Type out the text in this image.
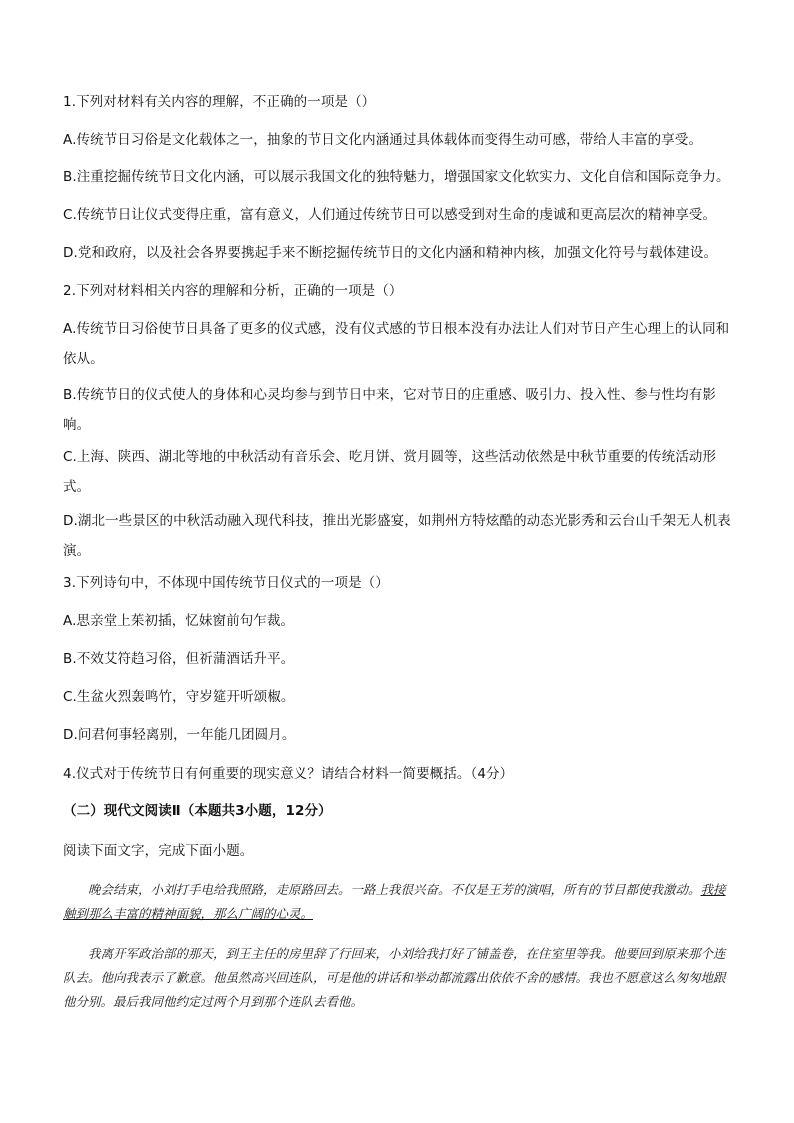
1.下列对材料有关内容的理解，不正确的一项是（）

A.传统节日习俗是文化载体之一，抽象的节日文化内涵通过具体载体而变得生动可感，带给人丰富的享受。

B.注重挖掘传统节日文化内涵，可以展示我国文化的独特魅力，增强国家文化软实力、文化自信和国际竞争力。

C.传统节日让仪式变得庄重，富有意义，人们通过传统节日可以感受到对生命的虔诚和更高层次的精神享受。

D.党和政府，以及社会各界要携起手来不断挖掘传统节日的文化内涵和精神内核，加强文化符号与载体建设。

2.下列对材料相关内容的理解和分析，正确的一项是（）

A.传统节日习俗使节日具备了更多的仪式感，没有仪式感的节日根本没有办法让人们对节日产生心理上的认同和依从。

B.传统节日的仪式使人的身体和心灵均参与到节日中来，它对节日的庄重感、吸引力、投入性、参与性均有影响。

C.上海、陕西、湖北等地的中秋活动有音乐会、吃月饼、赏月圆等，这些活动依然是中秋节重要的传统活动形式。

D.湖北一些景区的中秋活动融入现代科技，推出光影盛宴，如荆州方特炫酷的动态光影秀和云台山千架无人机表演。

3.下列诗句中，不体现中国传统节日仪式的一项是（）

A.思亲堂上茱初插，忆妹窗前句乍裁。

B.不效艾符趋习俗，但祈蒲酒话升平。

C.生盆火烈轰鸣竹，守岁筵开听颂椒。

D.问君何事轻离别，一年能几团圆月。

4.仪式对于传统节日有何重要的现实意义？请结合材料一简要概括。（4分）

（二）现代文阅读Ⅱ（本题共3小题，12分）

阅读下面文字，完成下面小题。

晚会结束，小刘打手电给我照路，走原路回去。一路上我很兴奋。不仅是王芳的演唱，所有的节目都使我激动。我接触到那么丰富的精神面貌，那么广阔的心灵。

我离开军政治部的那天，到王主任的房里辞了行回来，小刘给我打好了铺盖卷，在住室里等我。他要回到原来那个连队去。他向我表示了歉意。他虽然高兴回连队，可是他的讲话和举动都流露出依依不舍的感情。我也不愿意这么匆匆地跟他分别。最后我同他约定过两个月到那个连队去看他。
